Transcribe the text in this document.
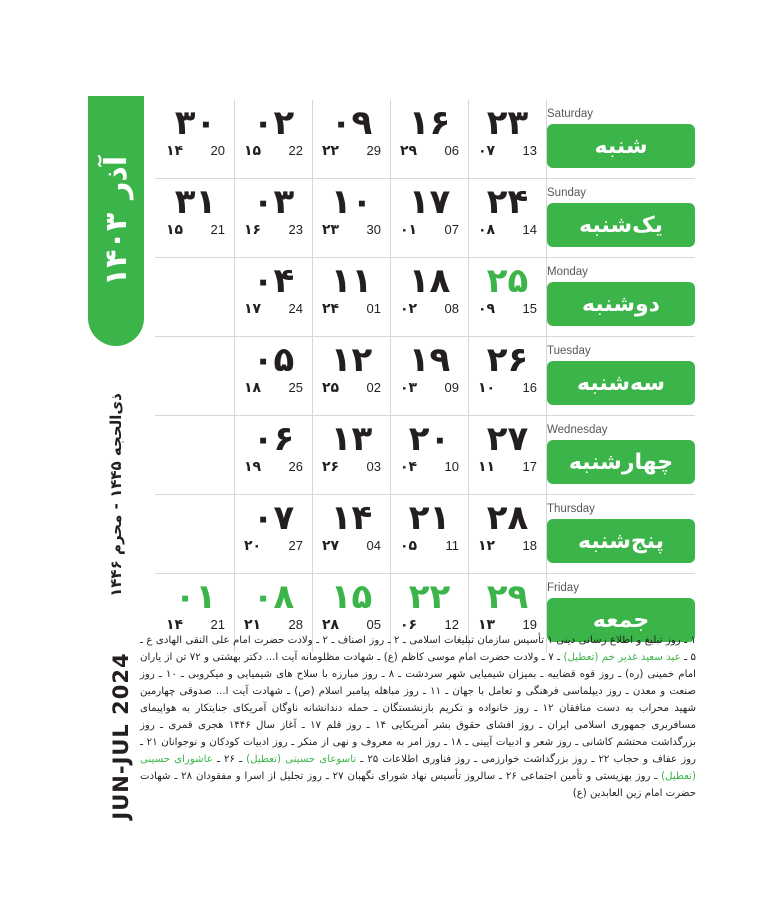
آذر
۱۴۰۳
ذی‌الحجه ۱۴۴۵ - محرم ۱۴۴۶
JUN-JUL 2024
Saturday
شنبه
۲۳
۰۷ 13
۱۶
۲۹ 06
۰۹
۲۲ 29
۰۲
۱۵ 22
۳۰
۱۴ 20
Sunday
یک‌شنبه
۲۴
۰۸ 14
۱۷
۰۱ 07
۱۰
۲۳ 30
۰۳
۱۶ 23
۳۱
۱۵ 21
Monday
دوشنبه
۲۵
۰۹ 15
۱۸
۰۲ 08
۱۱
۲۴ 01
۰۴
۱۷ 24
Tuesday
سه‌شنبه
۲۶
۱۰ 16
۱۹
۰۳ 09
۱۲
۲۵ 02
۰۵
۱۸ 25
Wednesday
چهارشنبه
۲۷
۱۱ 17
۲۰
۰۴ 10
۱۳
۲۶ 03
۰۶
۱۹ 26
Thursday
پنج‌شنبه
۲۸
۱۲ 18
۲۱
۰۵ 11
۱۴
۲۷ 04
۰۷
۲۰ 27
Friday
جمعه
۲۹
۱۳ 19
۲۲
۰۶ 12
۱۵
۲۸ 05
۰۸
۲۱ 28
۰۱
۱۴ 21
۱ ـ روز تبلیغ و اطلاع رسانی دینی ۱ تأسیس سازمان تبلیغات اسلامی ـ ۲ ـ روز اصناف ـ ۲ ـ ولادت حضرت امام علی النقی الهادی ع ـ ۵ ـ عید سعید غدیر خم (تعطیل) ـ ۷ ـ ولادت حضرت امام موسی کاظم (ع) ـ شهادت مظلومانه آیت ا... دکتر بهشتی و ۷۲ تن از یاران امام خمینی (ره) ـ روز قوه قضاییه ـ بمیزان شیمیایی شهر سردشت ـ ۸ ـ روز مبارزه با سلاح های شیمیایی و میکروبی ـ ۱۰ ـ روز صنعت و معدن ـ روز دیپلماسی فرهنگی و تعامل با جهان ـ ۱۱ ـ روز مباهله پیامبر اسلام (ص) ـ شهادت آیت ا... صدوقی چهارمین شهید محراب به دست منافقان ۱۲ ـ روز خانواده و تکریم بازنشستگان ـ حمله دندانشانه ناوگان آمریکای جنایتکار به هواپیمای مسافربری جمهوری اسلامی ایران ـ روز افشای حقوق بشر آمریکایی ۱۴ ـ روز قلم ۱۷ ـ آغاز سال ۱۴۴۶ هجری قمری ـ روز بزرگداشت محتشم کاشانی ـ روز شعر و ادبیات آیینی ـ ۱۸ ـ روز امر به معروف و نهی از منکر ـ روز ادبیات کودکان و نوجوانان ۲۱ ـ روز عفاف و حجاب ۲۲ ـ روز بزرگداشت خوارزمی ـ روز فناوری اطلاعات ۲۵ ـ تاسوعای حسینی (تعطیل) ـ ۲۶ ـ عاشورای حسینی (تعطیل) ـ روز بهزیستی و تأمین اجتماعی ۲۶ ـ سالروز تأسیس نهاد شورای نگهبان ۲۷ ـ روز تجلیل از اسرا و مفقودان ۲۸ ـ شهادت حضرت امام زین العابدین (ع)
